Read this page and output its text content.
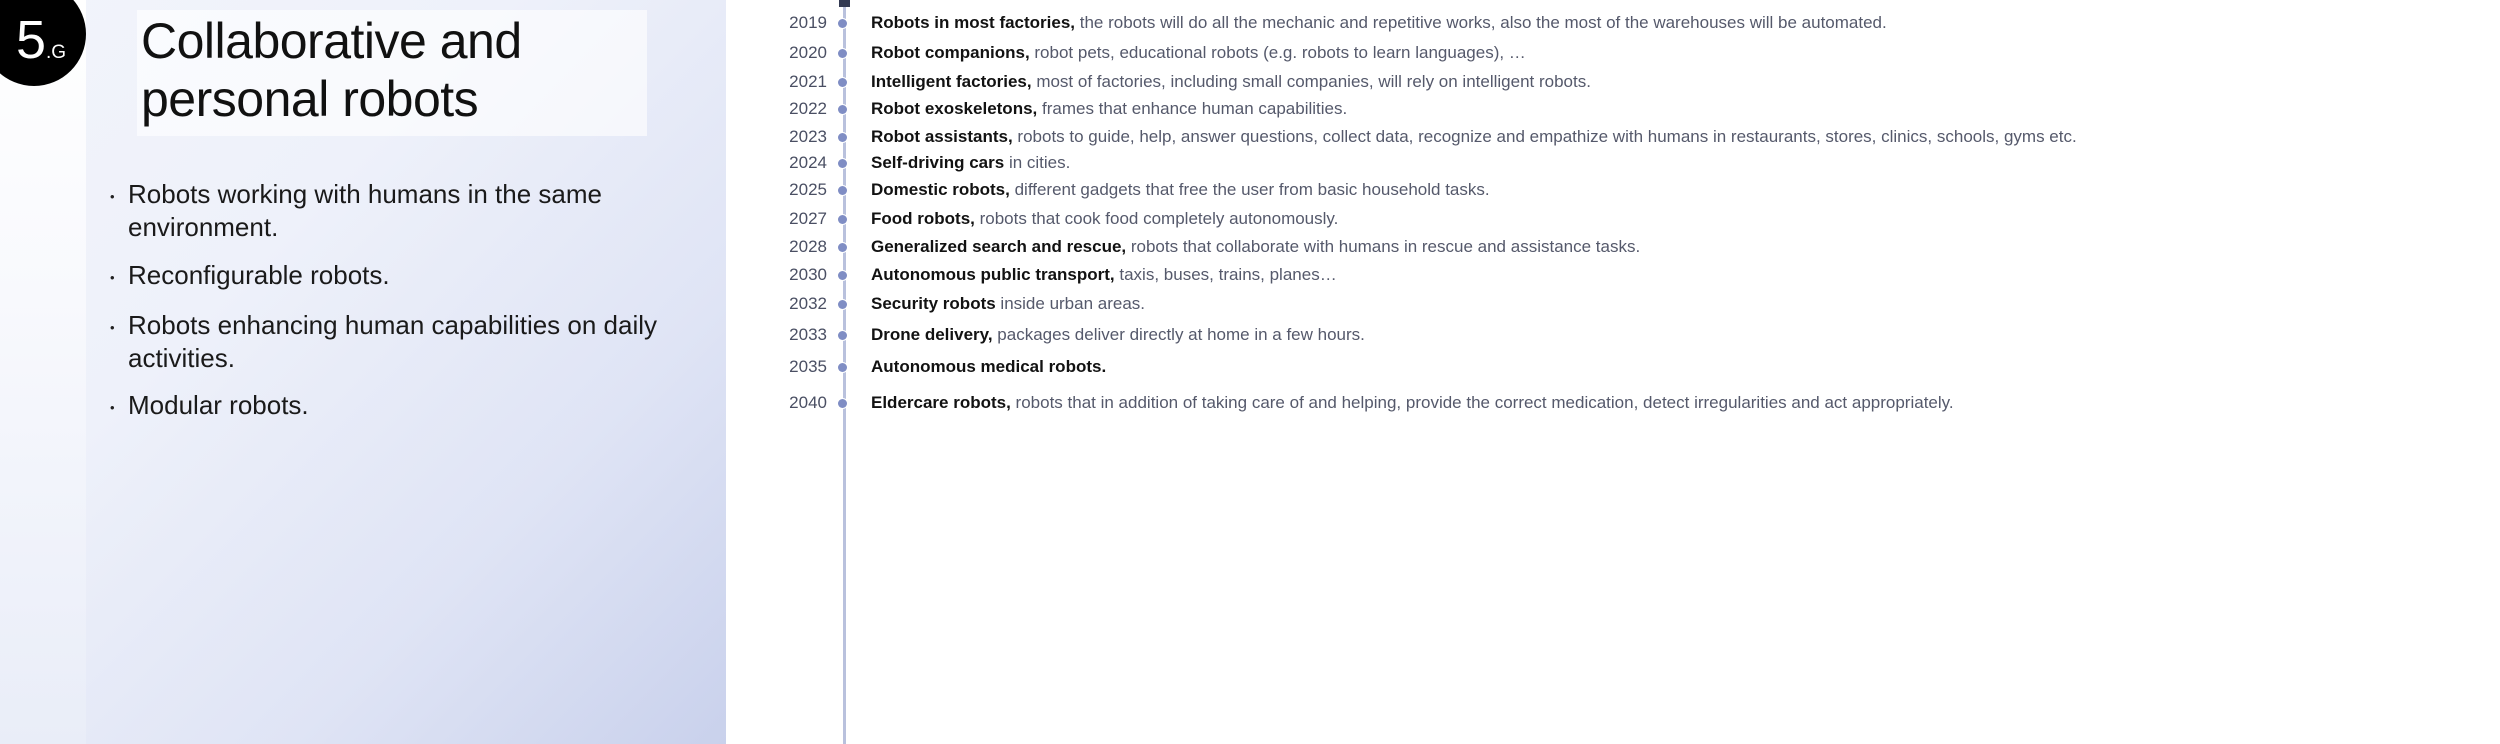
5 .G Collaborative and
personal robots
• Robots working with humans in the same environment.
• Reconfigurable robots.
• Robots enhancing human capabilities on daily activities.
• Modular robots.
2019	Robots in most factories, the robots will do all the mechanic and repetitive works, also the most of the warehouses will be automated.
2020	Robot companions, robot pets, educational robots (e.g. robots to learn languages), …
2021	Intelligent factories, most of factories, including small companies, will rely on intelligent robots.
2022	Robot exoskeletons, frames that enhance human capabilities.
2023	Robot assistants, robots to guide, help, answer questions, collect data, recognize and empathize with humans in restaurants, stores, clinics, schools, gyms etc.
2024	Self-driving cars in cities.
2025	Domestic robots, different gadgets that free the user from basic household tasks.
2027	Food robots, robots that cook food completely autonomously.
2028	Generalized search and rescue, robots that collaborate with humans in rescue and assistance tasks.
2030	Autonomous public transport, taxis, buses, trains, planes…
2032	Security robots inside urban areas.
2033	Drone delivery, packages deliver directly at home in a few hours.
2035	Autonomous medical robots.
2040	Eldercare robots, robots that in addition of taking care of and helping, provide the correct medication, detect irregularities and act appropriately.
